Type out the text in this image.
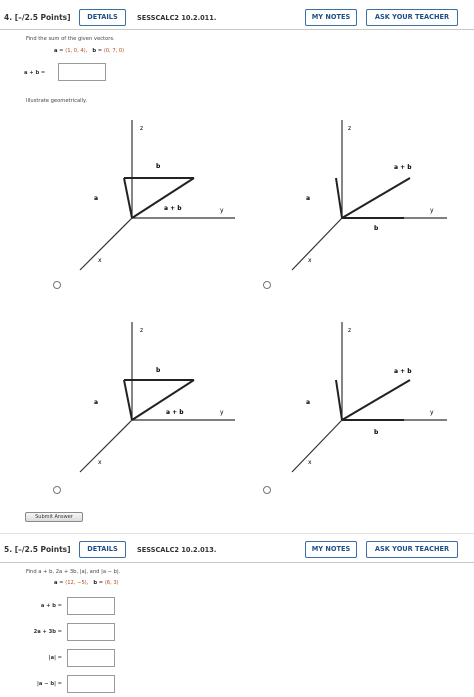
4. [–/2.5 Points]	DETAILS	SESSCALC2 10.2.011.	MY NOTES	ASK YOUR TEACHER
Find the sum of the given vectors.
a = ⟨1, 0, 4⟩,   b = ⟨0, 7, 0⟩
a + b =
Illustrate geometrically.
z
y
x
a
b
a + b
z
y
x
a
b
a + b
z
y
x
a
b
a + b
z
y
x
a
b
a + b
Submit Answer
5. [–/2.5 Points]	DETAILS	SESSCALC2 10.2.013.	MY NOTES	ASK YOUR TEACHER
Find a + b, 2a + 3b, |a|, and |a − b|.
a = ⟨12, −5⟩,   b = ⟨6, 3⟩
a + b =
2a + 3b =
|a| =
|a − b| =
